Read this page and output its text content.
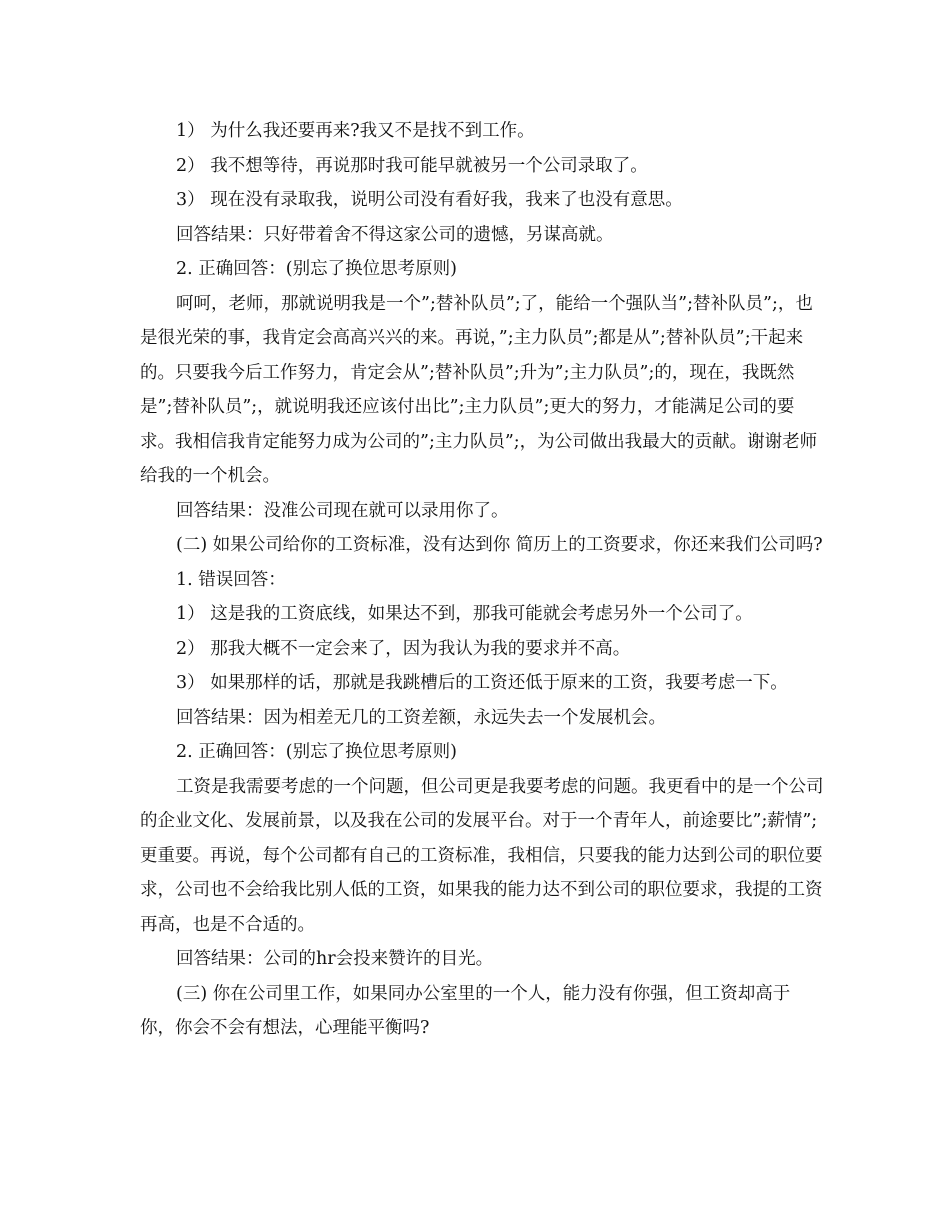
1） 为什么我还要再来?我又不是找不到工作。

2） 我不想等待，再说那时我可能早就被另一个公司录取了。

3） 现在没有录取我，说明公司没有看好我，我来了也没有意思。

回答结果：只好带着舍不得这家公司的遗憾，另谋高就。

2. 正确回答：(别忘了换位思考原则)

呵呵，老师，那就说明我是一个”;替补队员”;了，能给一个强队当”;替补队员”;，也是很光荣的事，我肯定会高高兴兴的来。再说，”;主力队员”;都是从”;替补队员”;干起来的。只要我今后工作努力，肯定会从”;替补队员”;升为”;主力队员”;的，现在，我既然是”;替补队员”;，就说明我还应该付出比”;主力队员”;更大的努力，才能满足公司的要求。我相信我肯定能努力成为公司的”;主力队员”;，为公司做出我最大的贡献。谢谢老师给我的一个机会。

回答结果：没准公司现在就可以录用你了。

(二) 如果公司给你的工资标准，没有达到你 简历上的工资要求，你还来我们公司吗?

1. 错误回答：

1） 这是我的工资底线，如果达不到，那我可能就会考虑另外一个公司了。

2） 那我大概不一定会来了，因为我认为我的要求并不高。

3） 如果那样的话，那就是我跳槽后的工资还低于原来的工资，我要考虑一下。

回答结果：因为相差无几的工资差额，永远失去一个发展机会。

2. 正确回答：(别忘了换位思考原则)

工资是我需要考虑的一个问题，但公司更是我要考虑的问题。我更看中的是一个公司的企业文化、发展前景，以及我在公司的发展平台。对于一个青年人，前途要比”;薪情”;更重要。再说，每个公司都有自己的工资标准，我相信，只要我的能力达到公司的职位要求，公司也不会给我比别人低的工资，如果我的能力达不到公司的职位要求，我提的工资再高，也是不合适的。

回答结果：公司的hr会投来赞许的目光。

(三) 你在公司里工作，如果同办公室里的一个人，能力没有你强，但工资却高于你，你会不会有想法，心理能平衡吗?
